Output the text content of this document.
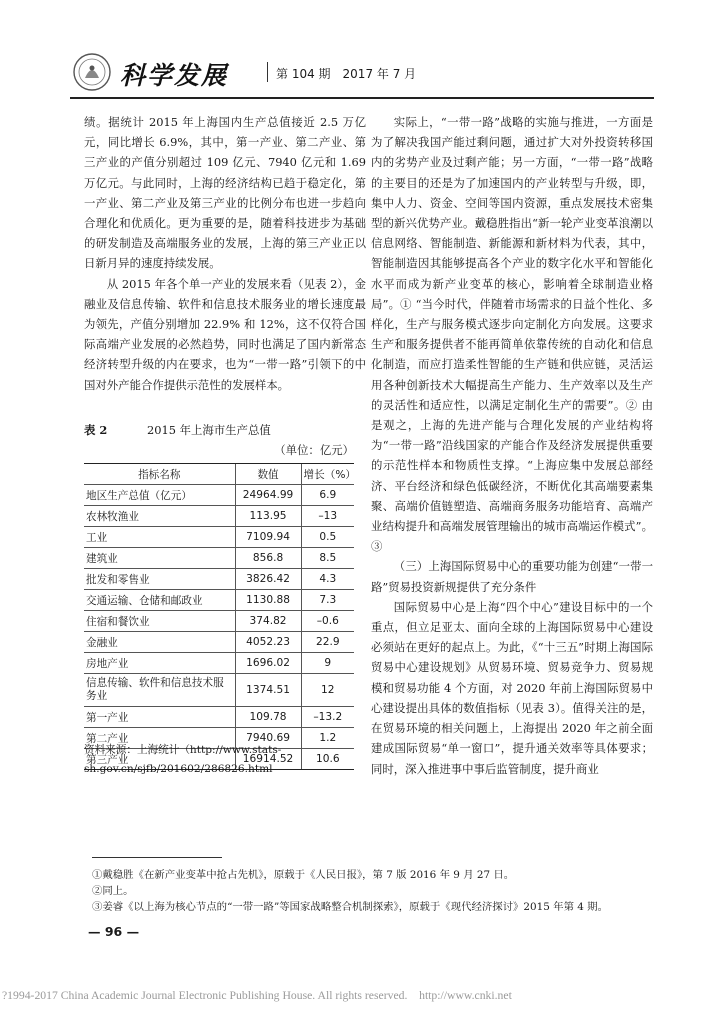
科学发展	第 104 期　2017 年 7 月

绩。据统计 2015 年上海国内生产总值接近 2.5 万亿元，同比增长 6.9%，其中，第一产业、第二产业、第三产业的产值分别超过 109 亿元、7940 亿元和 1.69 万亿元。与此同时，上海的经济结构已趋于稳定化，第一产业、第二产业及第三产业的比例分布也进一步趋向合理化和优质化。更为重要的是，随着科技进步为基础的研发制造及高端服务业的发展，上海的第三产业正以日新月异的速度持续发展。

从 2015 年各个单一产业的发展来看（见表 2），金融业及信息传输、软件和信息技术服务业的增长速度最为领先，产值分别增加 22.9% 和 12%，这不仅符合国际高端产业发展的必然趋势，同时也满足了国内新常态经济转型升级的内在要求，也为“一带一路”引领下的中国对外产能合作提供示范性的发展样本。

表 2	2015 年上海市生产总值
（单位：亿元）
指标名称	数值	增长（%）
地区生产总值（亿元）	24964.99	6.9
农林牧渔业	113.95	–13
工业	7109.94	0.5
建筑业	856.8	8.5
批发和零售业	3826.42	4.3
交通运输、仓储和邮政业	1130.88	7.3
住宿和餐饮业	374.82	–0.6
金融业	4052.23	22.9
房地产业	1696.02	9
信息传输、软件和信息技术服务业	1374.51	12
第一产业	109.78	–13.2
第二产业	7940.69	1.2
第三产业	16914.52	10.6
资料来源：上海统计（http://www.stats-sh.gov.cn/sjfb/201602/286826.html

实际上，“一带一路”战略的实施与推进，一方面是为了解决我国产能过剩问题，通过扩大对外投资转移国内的劣势产业及过剩产能；另一方面，“一带一路”战略的主要目的还是为了加速国内的产业转型与升级，即，集中人力、资金、空间等国内资源，重点发展技术密集型的新兴优势产业。戴稳胜指出“新一轮产业变革浪潮以信息网络、智能制造、新能源和新材料为代表，其中，智能制造因其能够提高各个产业的数字化水平和智能化水平而成为新产业变革的核心，影响着全球制造业格局”。① “当今时代，伴随着市场需求的日益个性化、多样化，生产与服务模式逐步向定制化方向发展。这要求生产和服务提供者不能再简单依靠传统的自动化和信息化制造，而应打造柔性智能的生产链和供应链，灵活运用各种创新技术大幅提高生产能力、生产效率以及生产的灵活性和适应性，以满足定制化生产的需要”。② 由是观之，上海的先进产能与合理化发展的产业结构将为“一带一路”沿线国家的产能合作及经济发展提供重要的示范性样本和物质性支撑。“上海应集中发展总部经济、平台经济和绿色低碳经济，不断优化其高端要素集聚、高端价值链塑造、高端商务服务功能培育、高端产业结构提升和高端发展管理输出的城市高端运作模式”。③

（三）上海国际贸易中心的重要功能为创建“一带一路”贸易投资新规提供了充分条件

国际贸易中心是上海“四个中心”建设目标中的一个重点，但立足亚太、面向全球的上海国际贸易中心建设必须站在更好的起点上。为此，《“十三五”时期上海国际贸易中心建设规划》从贸易环境、贸易竞争力、贸易规模和贸易功能 4 个方面，对 2020 年前上海国际贸易中心建设提出具体的数值指标（见表 3）。值得关注的是，在贸易环境的相关问题上，上海提出 2020 年之前全面建成国际贸易“单一窗口”，提升通关效率等具体要求；同时，深入推进事中事后监管制度，提升商业

①戴稳胜《在新产业变革中抢占先机》，原载于《人民日报》，第 7 版 2016 年 9 月 27 日。
②同上。
③姜睿《以上海为核心节点的“一带一路”等国家战略整合机制探索》，原载于《现代经济探讨》2015 年第 4 期。
— 96 —
?1994-2017 China Academic Journal Electronic Publishing House. All rights reserved.　http://www.cnki.net
